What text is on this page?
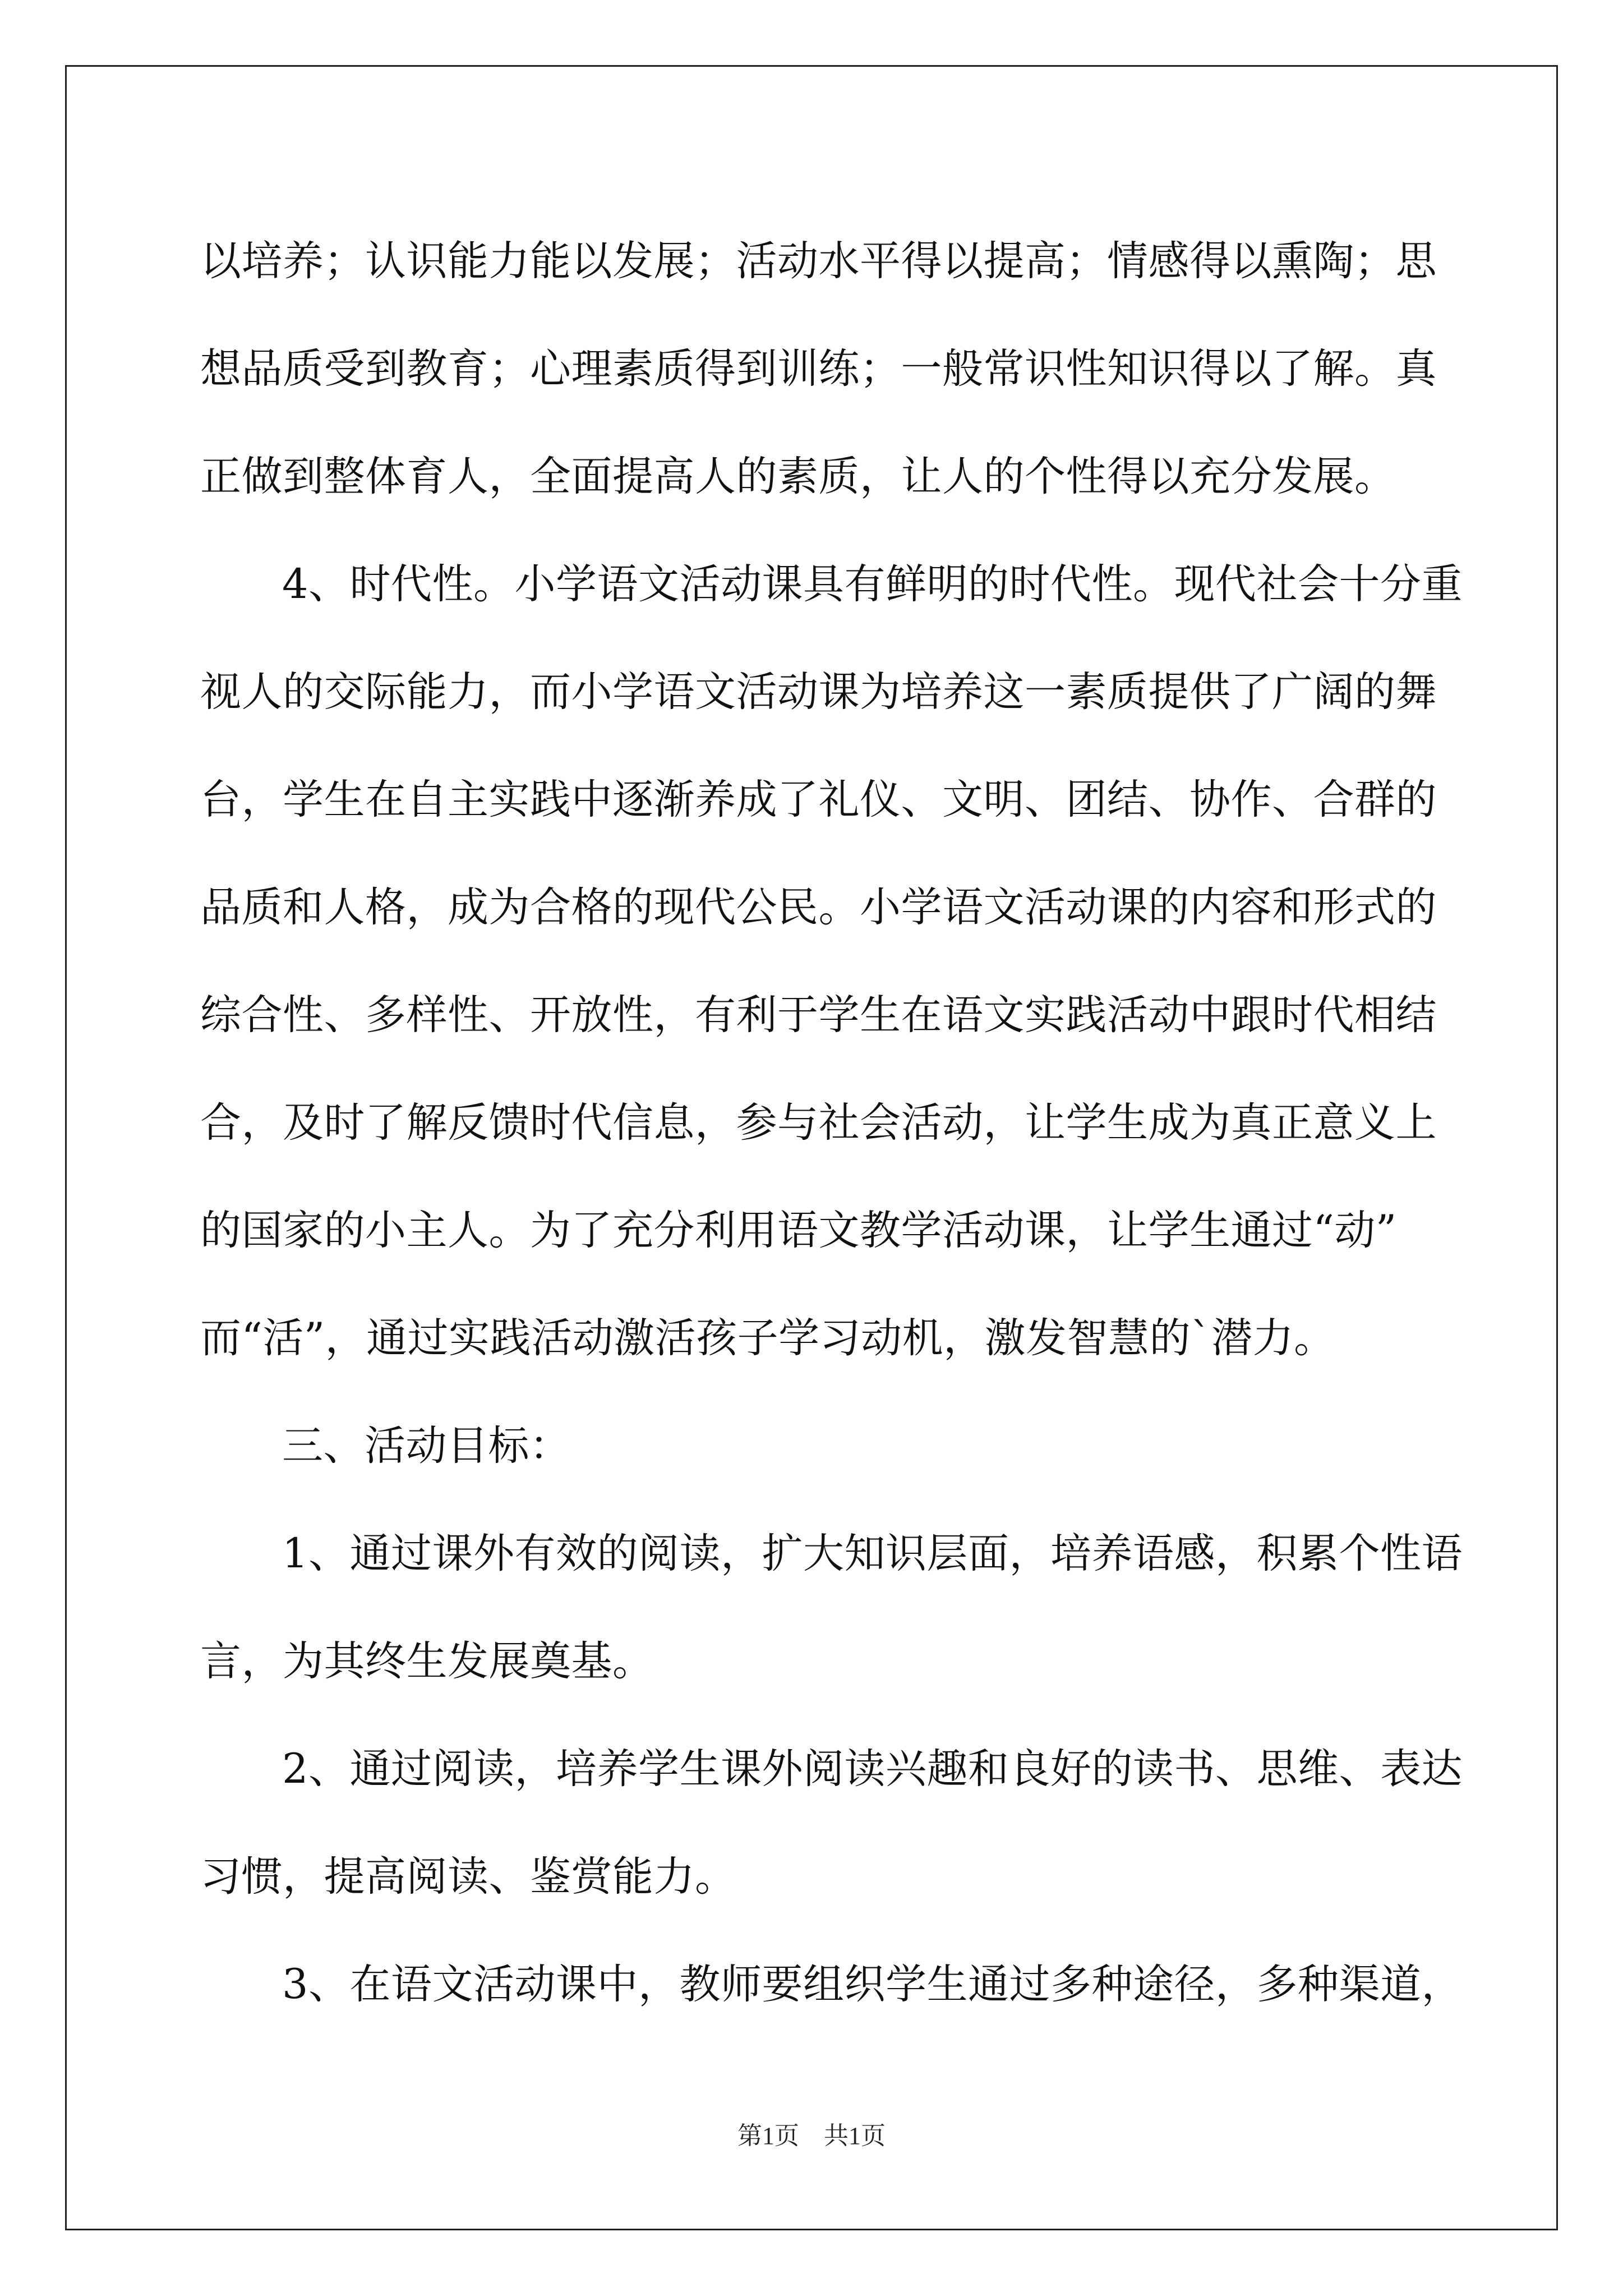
以培养；认识能力能以发展；活动水平得以提高；情感得以熏陶；思
想品质受到教育；心理素质得到训练；一般常识性知识得以了解。真
正做到整体育人，全面提高人的素质，让人的个性得以充分发展。
4、时代性。小学语文活动课具有鲜明的时代性。现代社会十分重
视人的交际能力，而小学语文活动课为培养这一素质提供了广阔的舞
台，学生在自主实践中逐渐养成了礼仪、文明、团结、协作、合群的
品质和人格，成为合格的现代公民。小学语文活动课的内容和形式的
综合性、多样性、开放性，有利于学生在语文实践活动中跟时代相结
合，及时了解反馈时代信息，参与社会活动，让学生成为真正意义上
的国家的小主人。为了充分利用语文教学活动课，让学生通过“动”
而“活”，通过实践活动激活孩子学习动机，激发智慧的`潜力。
三、活动目标：
1、通过课外有效的阅读，扩大知识层面，培养语感，积累个性语
言，为其终生发展奠基。
2、通过阅读，培养学生课外阅读兴趣和良好的读书、思维、表达
习惯，提高阅读、鉴赏能力。
3、在语文活动课中，教师要组织学生通过多种途径，多种渠道，
第1页 共1页
